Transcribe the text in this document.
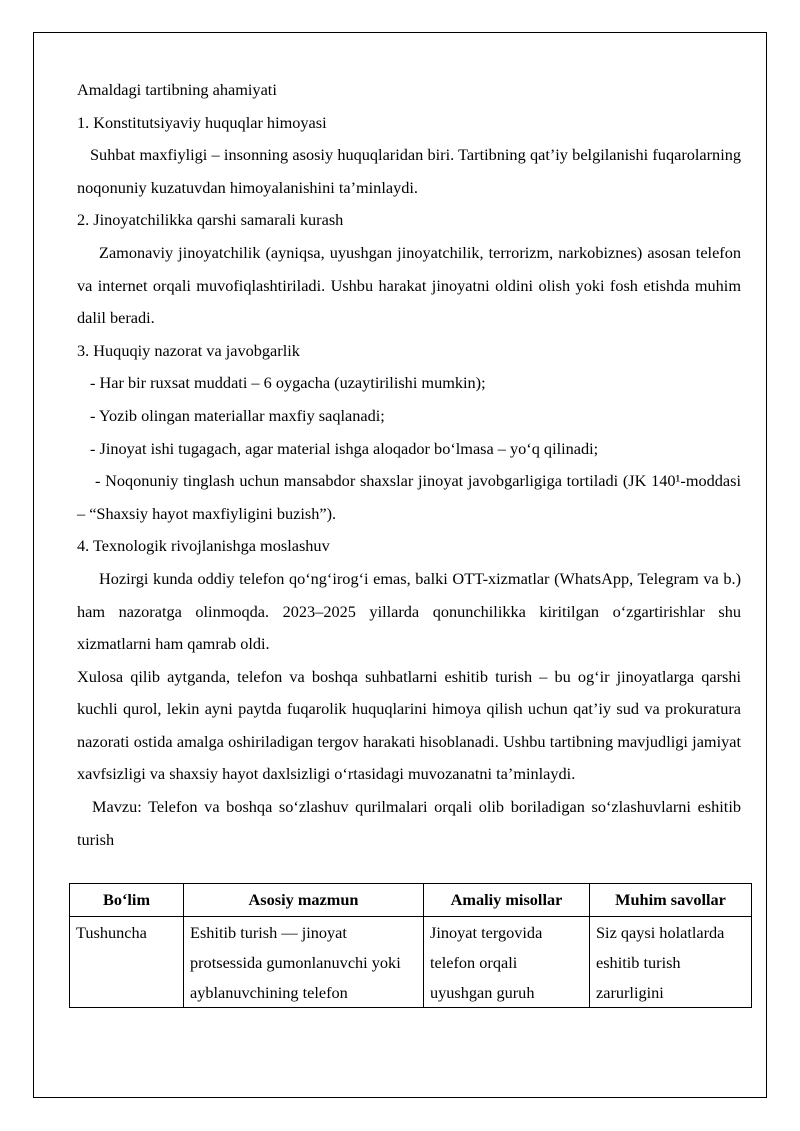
Amaldagi tartibning ahamiyati

1. Konstitutsiyaviy huquqlar himoyasi

Suhbat maxfiyligi – insonning asosiy huquqlaridan biri. Tartibning qat’iy belgilanishi fuqarolarning noqonuniy kuzatuvdan himoyalanishini ta’minlaydi.

2. Jinoyatchilikka qarshi samarali kurash

Zamonaviy jinoyatchilik (ayniqsa, uyushgan jinoyatchilik, terrorizm, narkobiznes) asosan telefon va internet orqali muvofiqlashtiriladi. Ushbu harakat jinoyatni oldini olish yoki fosh etishda muhim dalil beradi.

3. Huquqiy nazorat va javobgarlik

- Har bir ruxsat muddati – 6 oygacha (uzaytirilishi mumkin);

- Yozib olingan materiallar maxfiy saqlanadi;

- Jinoyat ishi tugagach, agar material ishga aloqador bo‘lmasa – yo‘q qilinadi;

- Noqonuniy tinglash uchun mansabdor shaxslar jinoyat javobgarligiga tortiladi (JK 140¹-moddasi – “Shaxsiy hayot maxfiyligini buzish”).

4. Texnologik rivojlanishga moslashuv

Hozirgi kunda oddiy telefon qo‘ng‘irog‘i emas, balki OTT-xizmatlar (WhatsApp, Telegram va b.) ham nazoratga olinmoqda. 2023–2025 yillarda qonunchilikka kiritilgan o‘zgartirishlar shu xizmatlarni ham qamrab oldi.

Xulosa qilib aytganda, telefon va boshqa suhbatlarni eshitib turish – bu og‘ir jinoyatlarga qarshi kuchli qurol, lekin ayni paytda fuqarolik huquqlarini himoya qilish uchun qat’iy sud va prokuratura nazorati ostida amalga oshiriladigan tergov harakati hisoblanadi. Ushbu tartibning mavjudligi jamiyat xavfsizligi va shaxsiy hayot daxlsizligi o‘rtasidagi muvozanatni ta’minlaydi.

Mavzu: Telefon va boshqa so‘zlashuv qurilmalari orqali olib boriladigan so‘zlashuvlarni eshitib turish

Bo‘lim	Asosiy mazmun	Amaliy misollar	Muhim savollar

Tushuncha	Eshitib turish — jinoyat protsessida gumonlanuvchi yoki ayblanuvchining telefon	Jinoyat tergovida telefon orqali uyushgan guruh	Siz qaysi holatlarda eshitib turish zarurligini
